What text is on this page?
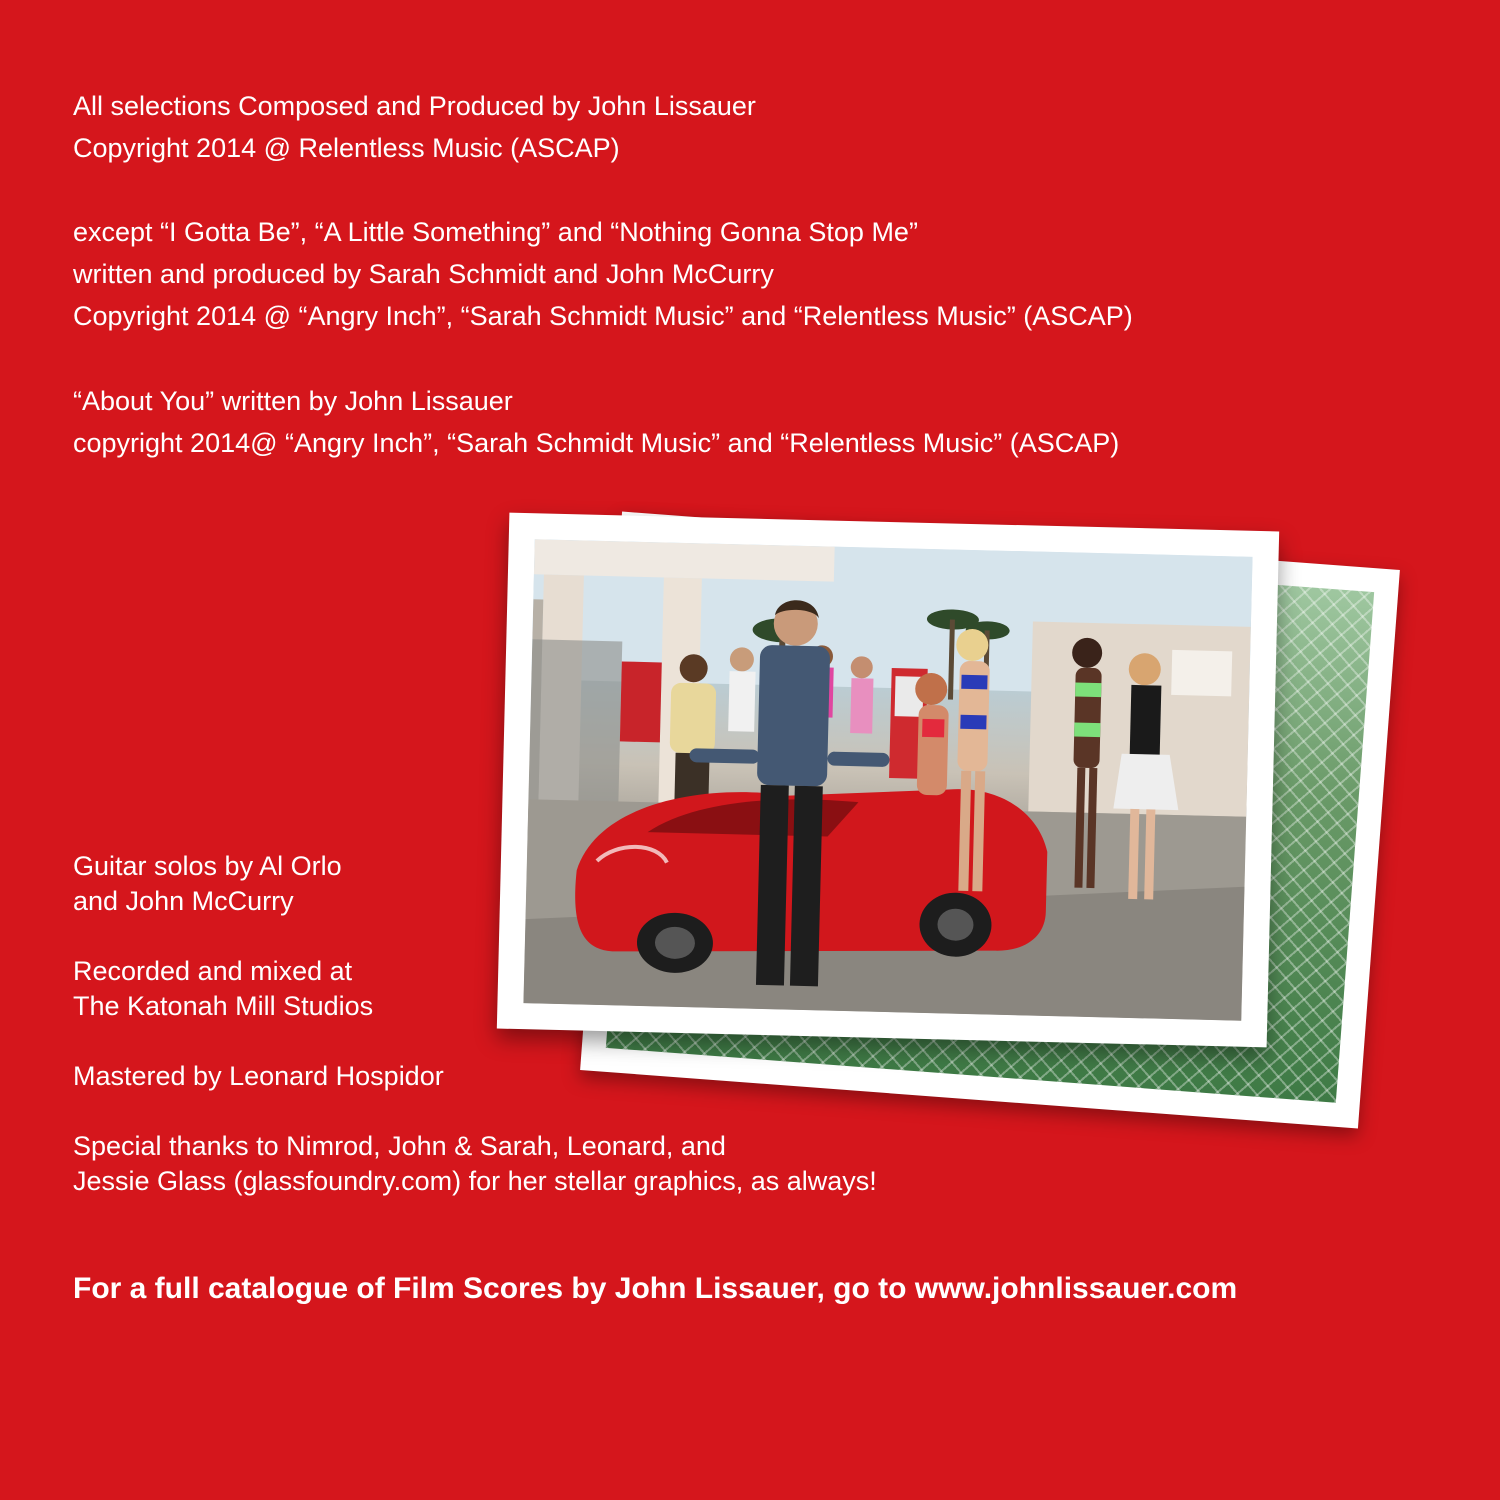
All selections Composed and Produced by John Lissauer
Copyright 2014 @ Relentless Music (ASCAP)
except “I Gotta Be”, “A Little Something” and “Nothing Gonna Stop Me”
written and produced by Sarah Schmidt and John McCurry
Copyright 2014 @ “Angry Inch”, “Sarah Schmidt Music” and “Relentless Music” (ASCAP)
“About You” written by John Lissauer
copyright 2014@ “Angry Inch”, “Sarah Schmidt Music” and “Relentless Music” (ASCAP)
Guitar solos by Al Orlo
and John McCurry
Recorded and mixed at
The Katonah Mill Studios
Mastered by Leonard Hospidor
Special thanks to Nimrod, John & Sarah, Leonard, and
Jessie Glass (glassfoundry.com) for her stellar graphics, as always!
For a full catalogue of Film Scores by John Lissauer, go to www.johnlissauer.com
